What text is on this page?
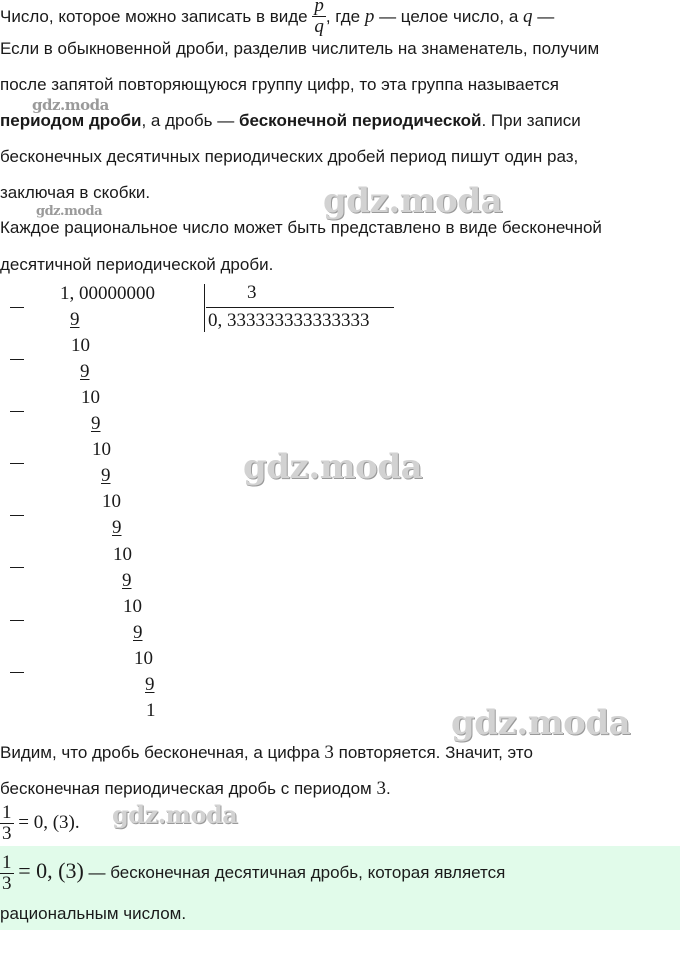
Число, которое можно записать в виде $\frac{p}{q}$ , где p — целое число, а q —
Если в обыкновенной дроби, разделив числитель на знаменатель, получим
после запятой повторяющуюся группу цифр, то эта группа называется
периодом дроби, а дробь — бесконечной периодической. При записи
бесконечных десятичных периодических дробей период пишут один раз,
заключая в скобки.
Каждое рациональное число может быть представлено в виде бесконечной
десятичной периодической дроби.
1, 00000000	3
0, 333333333333333
9
10
9
10
9
10
9
10
9
10
9
10
9
10
9
1
Видим, что дробь бесконечная, а цифра 3 повторяется. Значит, это
бесконечная периодическая дробь с периодом 3.
$\frac{1}{3} = 0$, (3).
$\frac{1}{3} = 0$, (3) — бесконечная десятичная дробь, которая является
рациональным числом.
gdz.moda
gdz.moda	gdz.moda
gdz.moda
gdz.moda
gdz.moda
